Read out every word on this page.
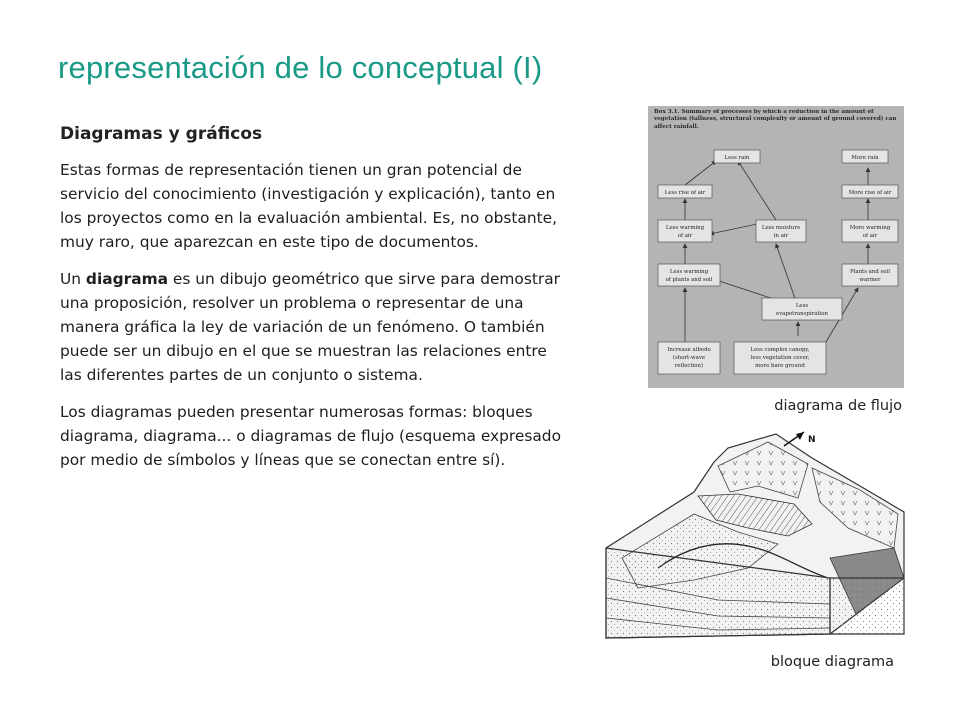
representación de lo conceptual (I)
Diagramas y gráficos

Estas formas de representación tienen un gran potencial de servicio del conocimiento (investigación y explicación), tanto en los proyectos como en la evaluación ambiental. Es, no obstante, muy raro, que aparezcan en este tipo de documentos.

Un diagrama es un dibujo geométrico que sirve para demostrar una proposición, resolver un problema o representar de una manera gráfica la ley de variación de un fenómeno. O también puede ser un dibujo en el que se muestran las relaciones entre las diferentes partes de un conjunto o sistema.

Los diagramas pueden presentar numerosas formas: bloques diagrama, diagrama... o diagramas de flujo (esquema expresado por medio de símbolos y líneas que se conectan entre sí).

Box 3.1. Summary of processes by which a reduction in the amount of vegetation (tallness, structural complexity or amount of ground covered) can affect rainfall.
Less rain	More rain
Less rise of air	More rise of air
Less warming
of air
Less moisture
in air
More warming
of air
Less warming
of plants and soil
Plants and soil
warmer
Less
evapotranspiration
Increase albedo
(short-wave
reflection)
Less complex canopy,
less vegetation cover,
more bare ground
diagrama de flujo
N
bloque diagrama
